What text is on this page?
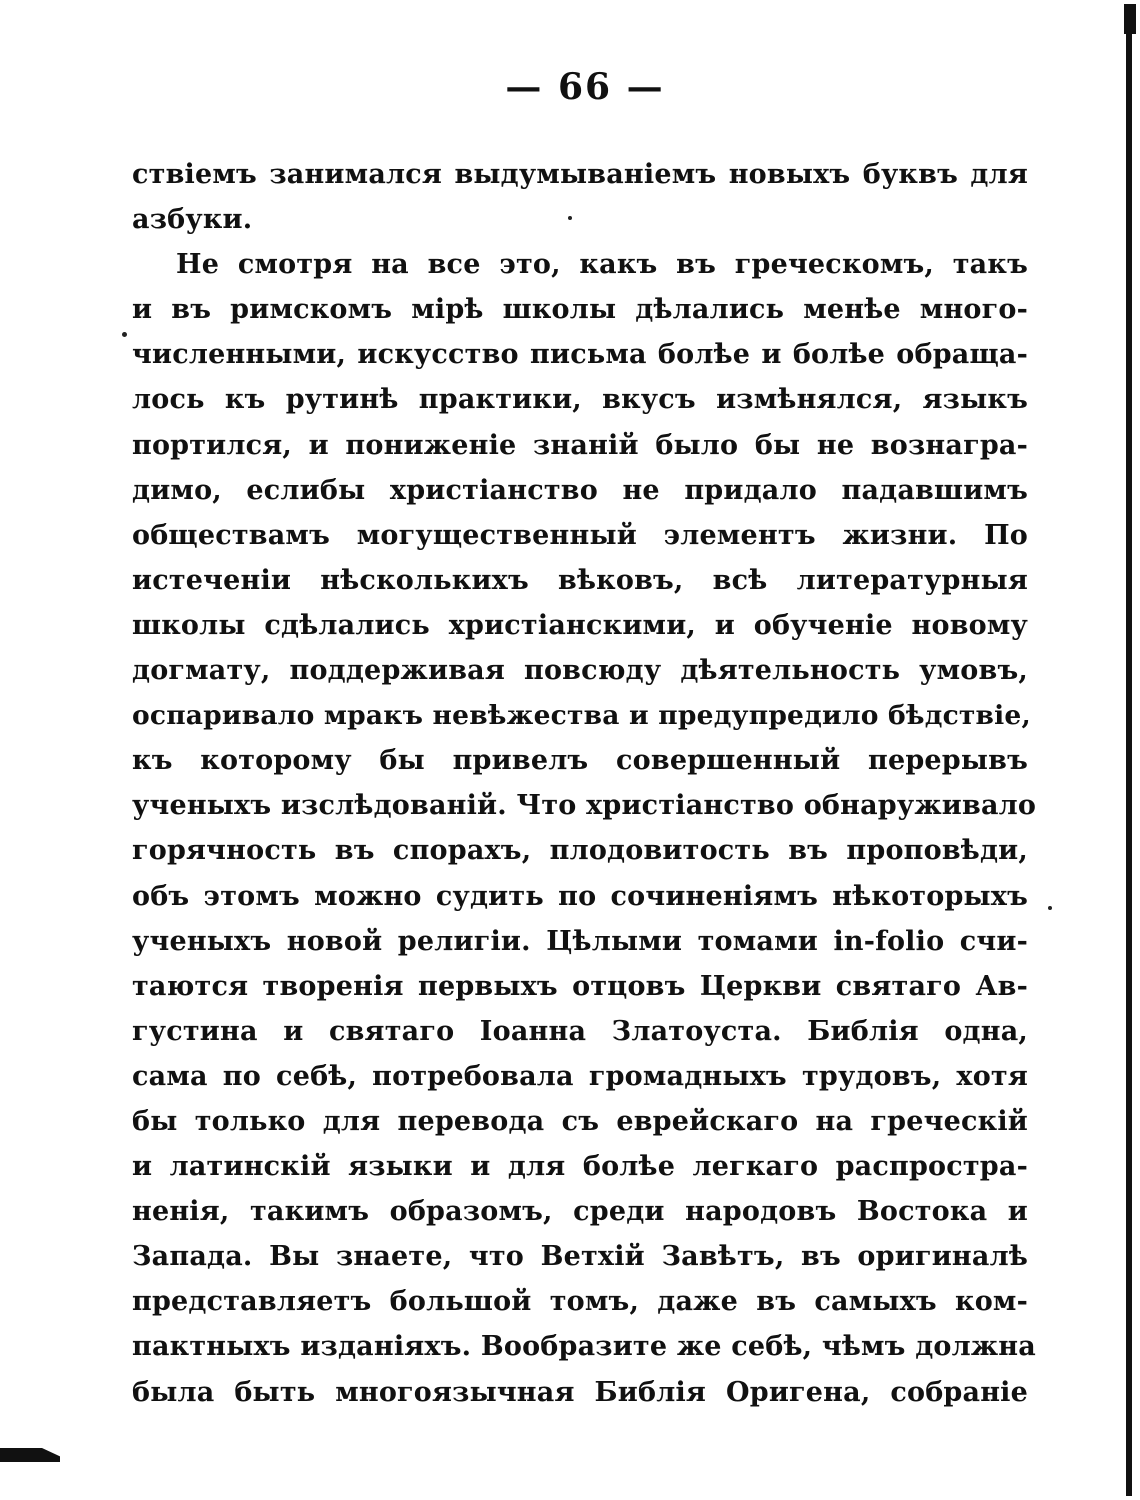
— 66 —
ствіемъ занимался выдумываніемъ новыхъ буквъ для
азбуки.
Не смотря на все это, какъ въ греческомъ, такъ
и въ римскомъ мірѣ школы дѣлались менѣе много-
численными, искусство письма болѣе и болѣе обраща-
лось къ рутинѣ практики, вкусъ измѣнялся, языкъ
портился, и пониженіе знаній было бы не вознагра-
димо, еслибы христіанство не придало падавшимъ
обществамъ могущественный элементъ жизни. По
истеченіи нѣсколькихъ вѣковъ, всѣ литературныя
школы сдѣлались христіанскими, и обученіе новому
догмату, поддерживая повсюду дѣятельность умовъ,
оспаривало мракъ невѣжества и предупредило бѣдствіе,
къ которому бы привелъ совершенный перерывъ
ученыхъ изслѣдованій. Что христіанство обнаруживало
горячность въ спорахъ, плодовитость въ проповѣди,
объ этомъ можно судить по сочиненіямъ нѣкоторыхъ
ученыхъ новой религіи. Цѣлыми томами in-folio счи-
таются творенія первыхъ отцовъ Церкви святаго Ав-
густина и святаго Іоанна Златоуста. Библія одна,
сама по себѣ, потребовала громадныхъ трудовъ, хотя
бы только для перевода съ еврейскаго на греческій
и латинскій языки и для болѣе легкаго распростра-
ненія, такимъ образомъ, среди народовъ Востока и
Запада. Вы знаете, что Ветхій Завѣтъ, въ оригиналѣ
представляетъ большой томъ, даже въ самыхъ ком-
пактныхъ изданіяхъ. Вообразите же себѣ, чѣмъ должна
была быть многоязычная Библія Оригена, собраніе
